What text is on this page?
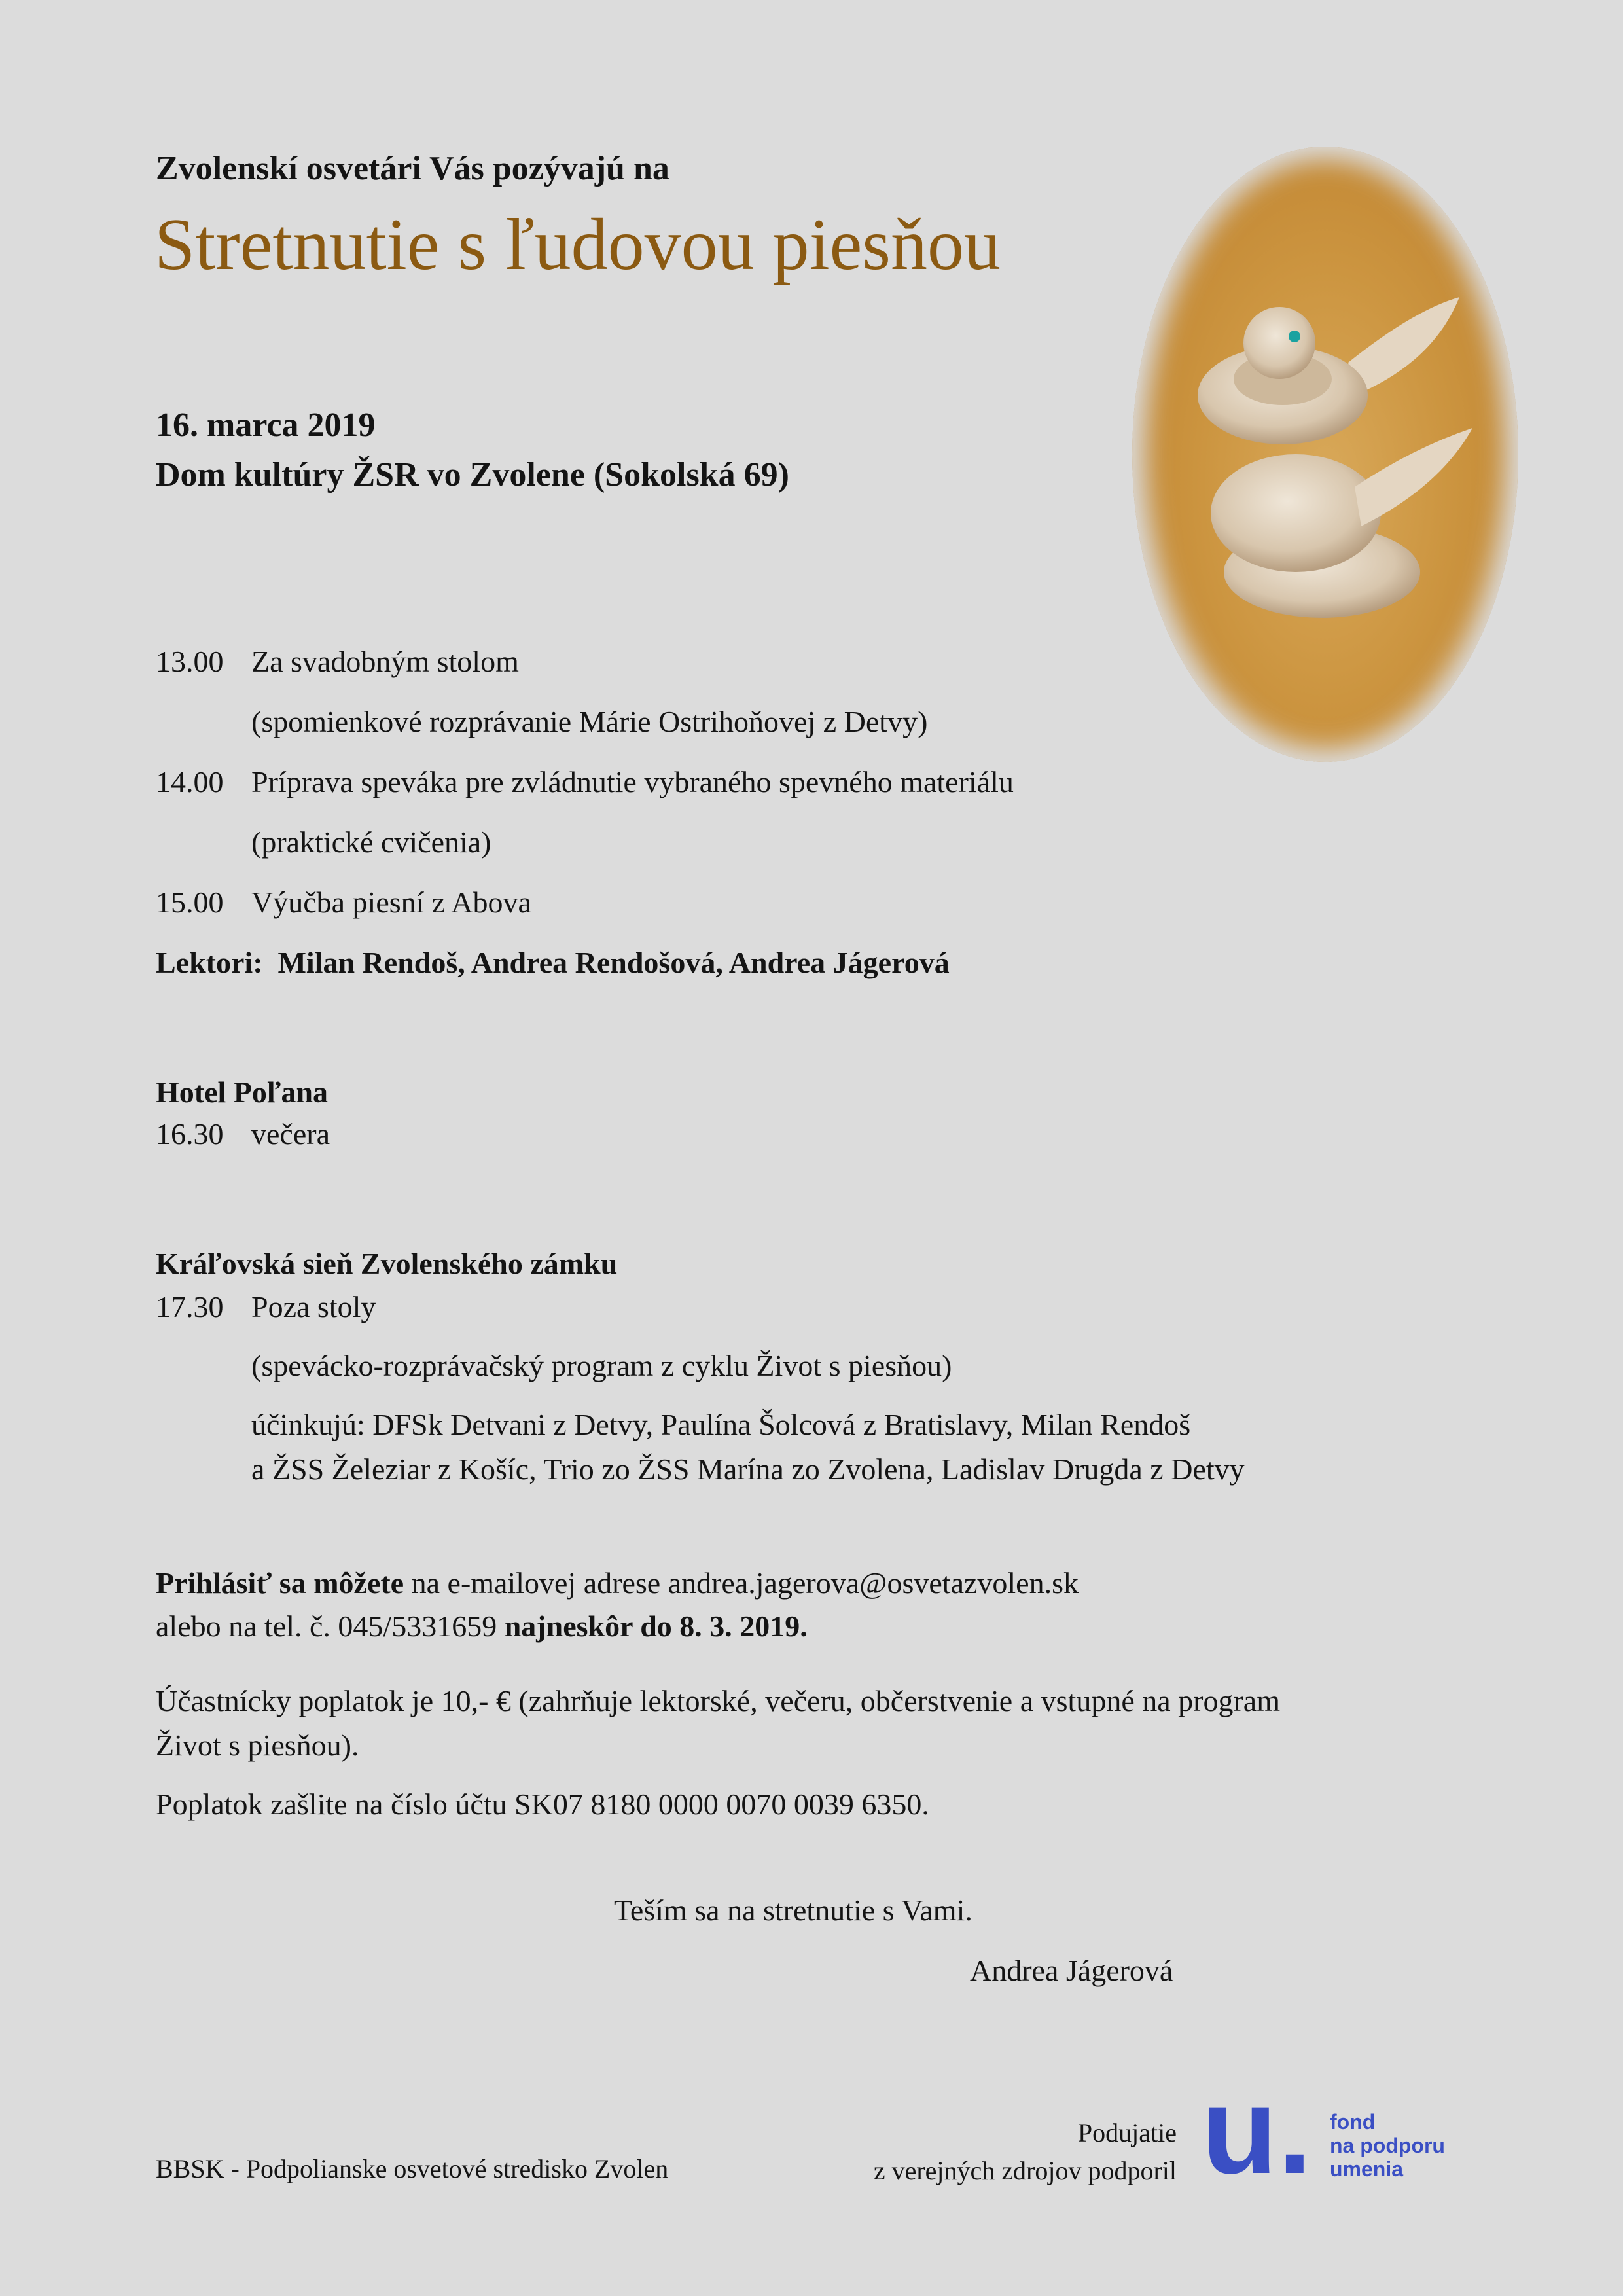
Zvolenskí osvetári Vás pozývajú na
Stretnutie s ľudovou piesňou
16. marca 2019
Dom kultúry ŽSR vo Zvolene (Sokolská 69)
13.00 Za svadobným stolom
(spomienkové rozprávanie Márie Ostrihoňovej z Detvy)
14.00 Príprava speváka pre zvládnutie vybraného spevného materiálu
(praktické cvičenia)
15.00 Výučba piesní z Abova
Lektori: Milan Rendoš, Andrea Rendošová, Andrea Jágerová
Hotel Poľana
16.30 večera
Kráľovská sieň Zvolenského zámku
17.30 Poza stoly
(spevácko-rozprávačský program z cyklu Život s piesňou)
účinkujú: DFSk Detvani z Detvy, Paulína Šolcová z Bratislavy, Milan Rendoš
a ŽSS Železiar z Košíc, Trio zo ŽSS Marína zo Zvolena, Ladislav Drugda z Detvy
Prihlásiť sa môžete na e-mailovej adrese andrea.jagerova@osvetazvolen.sk
alebo na tel. č. 045/5331659 najneskôr do 8. 3. 2019.
Účastnícky poplatok je 10,- € (zahrňuje lektorské, večeru, občerstvenie a vstupné na program
Život s piesňou).
Poplatok zašlite na číslo účtu SK07 8180 0000 0070 0039 6350.
Teším sa na stretnutie s Vami.
Andrea Jágerová
BBSK - Podpolianske osvetové stredisko Zvolen
Podujatie
z verejných zdrojov podporil u. fond
na podporu
umenia
